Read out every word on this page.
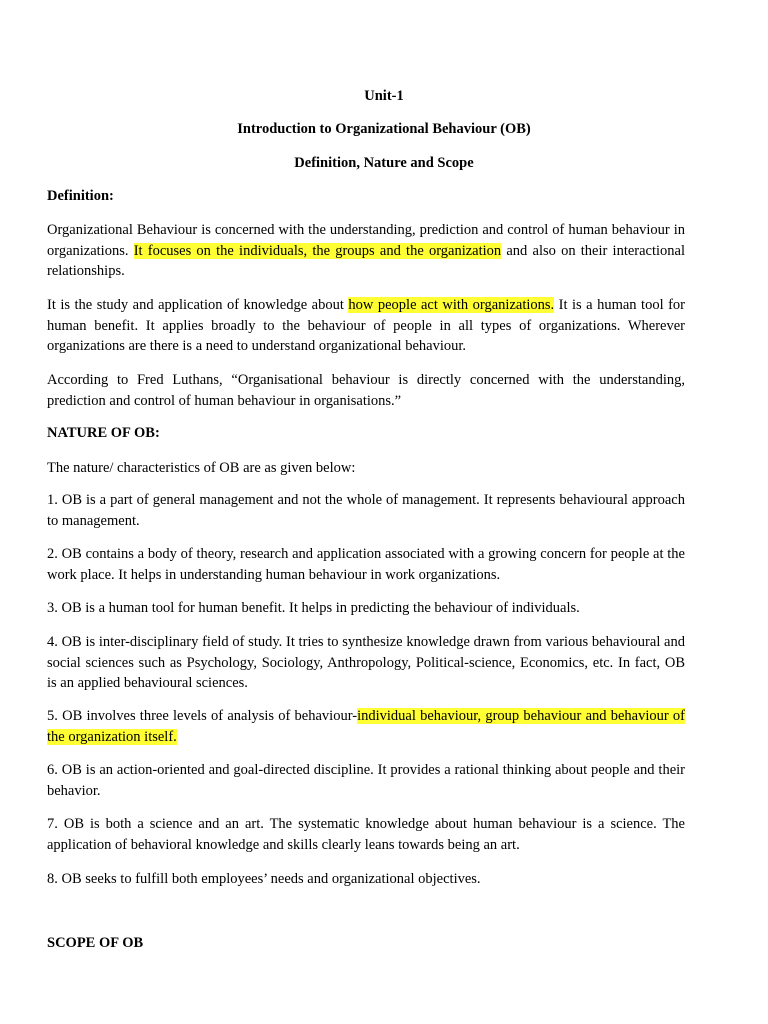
Unit-1

Introduction to Organizational Behaviour (OB)

Definition, Nature and Scope

Definition:

Organizational Behaviour is concerned with the understanding, prediction and control of human behaviour in organizations. It focuses on the individuals, the groups and the organization and also on their interactional relationships.

It is the study and application of knowledge about how people act with organizations. It is a human tool for human benefit. It applies broadly to the behaviour of people in all types of organizations. Wherever organizations are there is a need to understand organizational behaviour.

According to Fred Luthans, “Organisational behaviour is directly concerned with the understanding, prediction and control of human behaviour in organisations.”

NATURE OF OB:

The nature/ characteristics of OB are as given below:

1. OB is a part of general management and not the whole of management. It represents behavioural approach to management.

2. OB contains a body of theory, research and application associated with a growing concern for people at the work place. It helps in understanding human behaviour in work organizations.

3. OB is a human tool for human benefit. It helps in predicting the behaviour of individuals.

4. OB is inter-disciplinary field of study. It tries to synthesize knowledge drawn from various behavioural and social sciences such as Psychology, Sociology, Anthropology, Political-science, Economics, etc. In fact, OB is an applied behavioural sciences.

5. OB involves three levels of analysis of behaviour-individual behaviour, group behaviour and behaviour of the organization itself.

6. OB is an action-oriented and goal-directed discipline. It provides a rational thinking about people and their behavior.

7. OB is both a science and an art. The systematic knowledge about human behaviour is a science. The application of behavioral knowledge and skills clearly leans towards being an art.

8. OB seeks to fulfill both employees’ needs and organizational objectives.

SCOPE OF OB
